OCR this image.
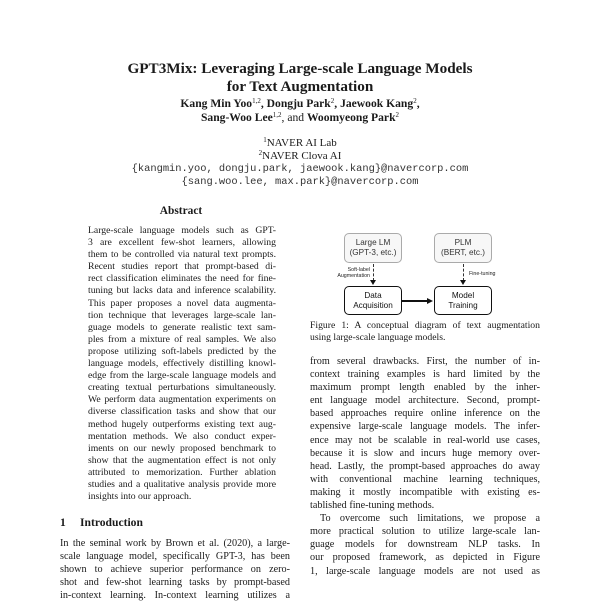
GPT3Mix: Leveraging Large-scale Language Models
for Text Augmentation
Kang Min Yoo$^{1,2}$, Dongju Park$^2$, Jaewook Kang$^2$,
Sang-Woo Lee$^{1,2}$, and Woomyeong Park$^2$
$^1$NAVER AI Lab
$^2$NAVER Clova AI
{kangmin.yoo, dongju.park, jaewook.kang}@navercorp.com
{sang.woo.lee, max.park}@navercorp.com
Abstract
Large-scale language models such as GPT-
3 are excellent few-shot learners, allowing
them to be controlled via natural text prompts.
Recent studies report that prompt-based di-
rect classification eliminates the need for fine-
tuning but lacks data and inference scalability.
This paper proposes a novel data augmenta-
tion technique that leverages large-scale lan-
guage models to generate realistic text sam-
ples from a mixture of real samples. We also
propose utilizing soft-labels predicted by the
language models, effectively distilling knowl-
edge from the large-scale language models and
creating textual perturbations simultaneously.
We perform data augmentation experiments on
diverse classification tasks and show that our
method hugely outperforms existing text aug-
mentation methods. We also conduct exper-
iments on our newly proposed benchmark to
show that the augmentation effect is not only
attributed to memorization. Further ablation
studies and a qualitative analysis provide more
insights into our approach.
1 Introduction
In the seminal work by Brown et al. (2020), a large-
scale language model, specifically GPT-3, has been
shown to achieve superior performance on zero-
shot and few-shot learning tasks by prompt-based
in-context learning. In-context learning utilizes a
Large LM
(GPT-3, etc.)
PLM
(BERT, etc.)
Soft-label
Augmentation	Fine-tuning
Data
Acquisition
Model
Training
Figure 1: A conceptual diagram of text augmentation
using large-scale language models.
from several drawbacks. First, the number of in-
context training examples is hard limited by the
maximum prompt length enabled by the inher-
ent language model architecture. Second, prompt-
based approaches require online inference on the
expensive large-scale language models. The infer-
ence may not be scalable in real-world use cases,
because it is slow and incurs huge memory over-
head. Lastly, the prompt-based approaches do away
with conventional machine learning techniques,
making it mostly incompatible with existing es-
tablished fine-tuning methods.
To overcome such limitations, we propose a
more practical solution to utilize large-scale lan-
guage models for downstream NLP tasks. In
our proposed framework, as depicted in Figure
1, large-scale language models are not used as
